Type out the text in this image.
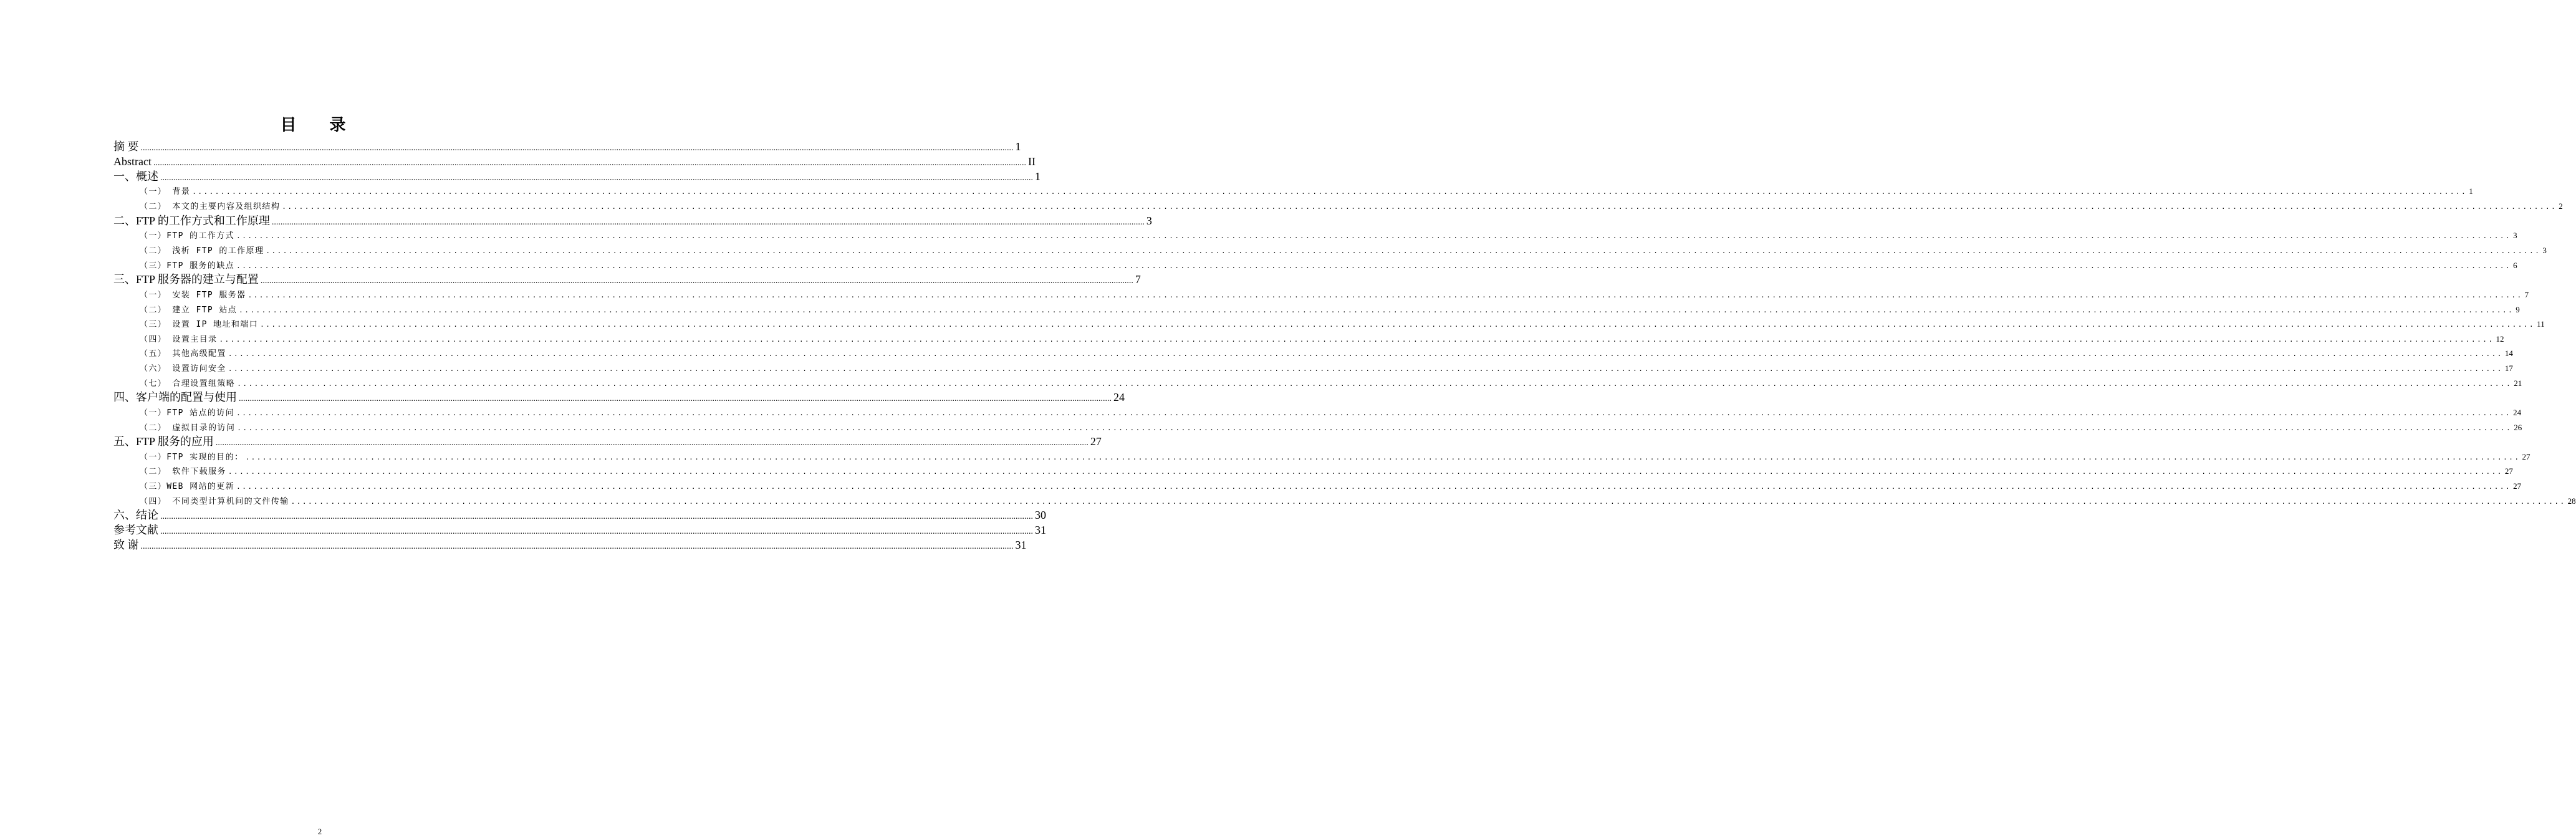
目 录
摘 要 ................................................................................................................................................................................................................................................................................................................................................................................................................ 1
Abstract ................................................................................................................................................................................................................................................................................................................................................................................................................ II
一、概述 ................................................................................................................................................................................................................................................................................................................................................................................................................ 1
（一） 背景 ................................................................................................................................................................................................................................................................................................................................................................................................................ 1
（二） 本文的主要内容及组织结构 ................................................................................................................................................................................................................................................................................................................................................................................................................ 2
二、FTP 的工作方式和工作原理 ................................................................................................................................................................................................................................................................................................................................................................................................................ 3
（一）FTP 的工作方式 ................................................................................................................................................................................................................................................................................................................................................................................................................ 3
（二） 浅析 FTP 的工作原理 ................................................................................................................................................................................................................................................................................................................................................................................................................ 3
（三）FTP 服务的缺点 ................................................................................................................................................................................................................................................................................................................................................................................................................ 6
三、FTP 服务器的建立与配置 ................................................................................................................................................................................................................................................................................................................................................................................................................ 7
（一） 安装 FTP 服务器 ................................................................................................................................................................................................................................................................................................................................................................................................................ 7
（二） 建立 FTP 站点 ................................................................................................................................................................................................................................................................................................................................................................................................................ 9
（三） 设置 IP 地址和端口 ................................................................................................................................................................................................................................................................................................................................................................................................................ 11
（四） 设置主目录 ................................................................................................................................................................................................................................................................................................................................................................................................................ 12
（五） 其他高级配置 ................................................................................................................................................................................................................................................................................................................................................................................................................ 14
（六） 设置访问安全 ................................................................................................................................................................................................................................................................................................................................................................................................................ 17
（七） 合理设置组策略 ................................................................................................................................................................................................................................................................................................................................................................................................................ 21
四、客户端的配置与使用 ................................................................................................................................................................................................................................................................................................................................................................................................................ 24
（一）FTP 站点的访问 ................................................................................................................................................................................................................................................................................................................................................................................................................ 24
（二） 虚拟目录的访问 ................................................................................................................................................................................................................................................................................................................................................................................................................ 26
五、FTP 服务的应用 ................................................................................................................................................................................................................................................................................................................................................................................................................ 27
（一）FTP 实现的目的： ................................................................................................................................................................................................................................................................................................................................................................................................................ 27
（二） 软件下载服务 ................................................................................................................................................................................................................................................................................................................................................................................................................ 27
（三）WEB 网站的更新 ................................................................................................................................................................................................................................................................................................................................................................................................................ 27
（四） 不同类型计算机间的文件传输 ................................................................................................................................................................................................................................................................................................................................................................................................................ 28
六、结论 ................................................................................................................................................................................................................................................................................................................................................................................................................ 30
参考文献 ................................................................................................................................................................................................................................................................................................................................................................................................................ 31
致 谢 ................................................................................................................................................................................................................................................................................................................................................................................................................ 31
2
